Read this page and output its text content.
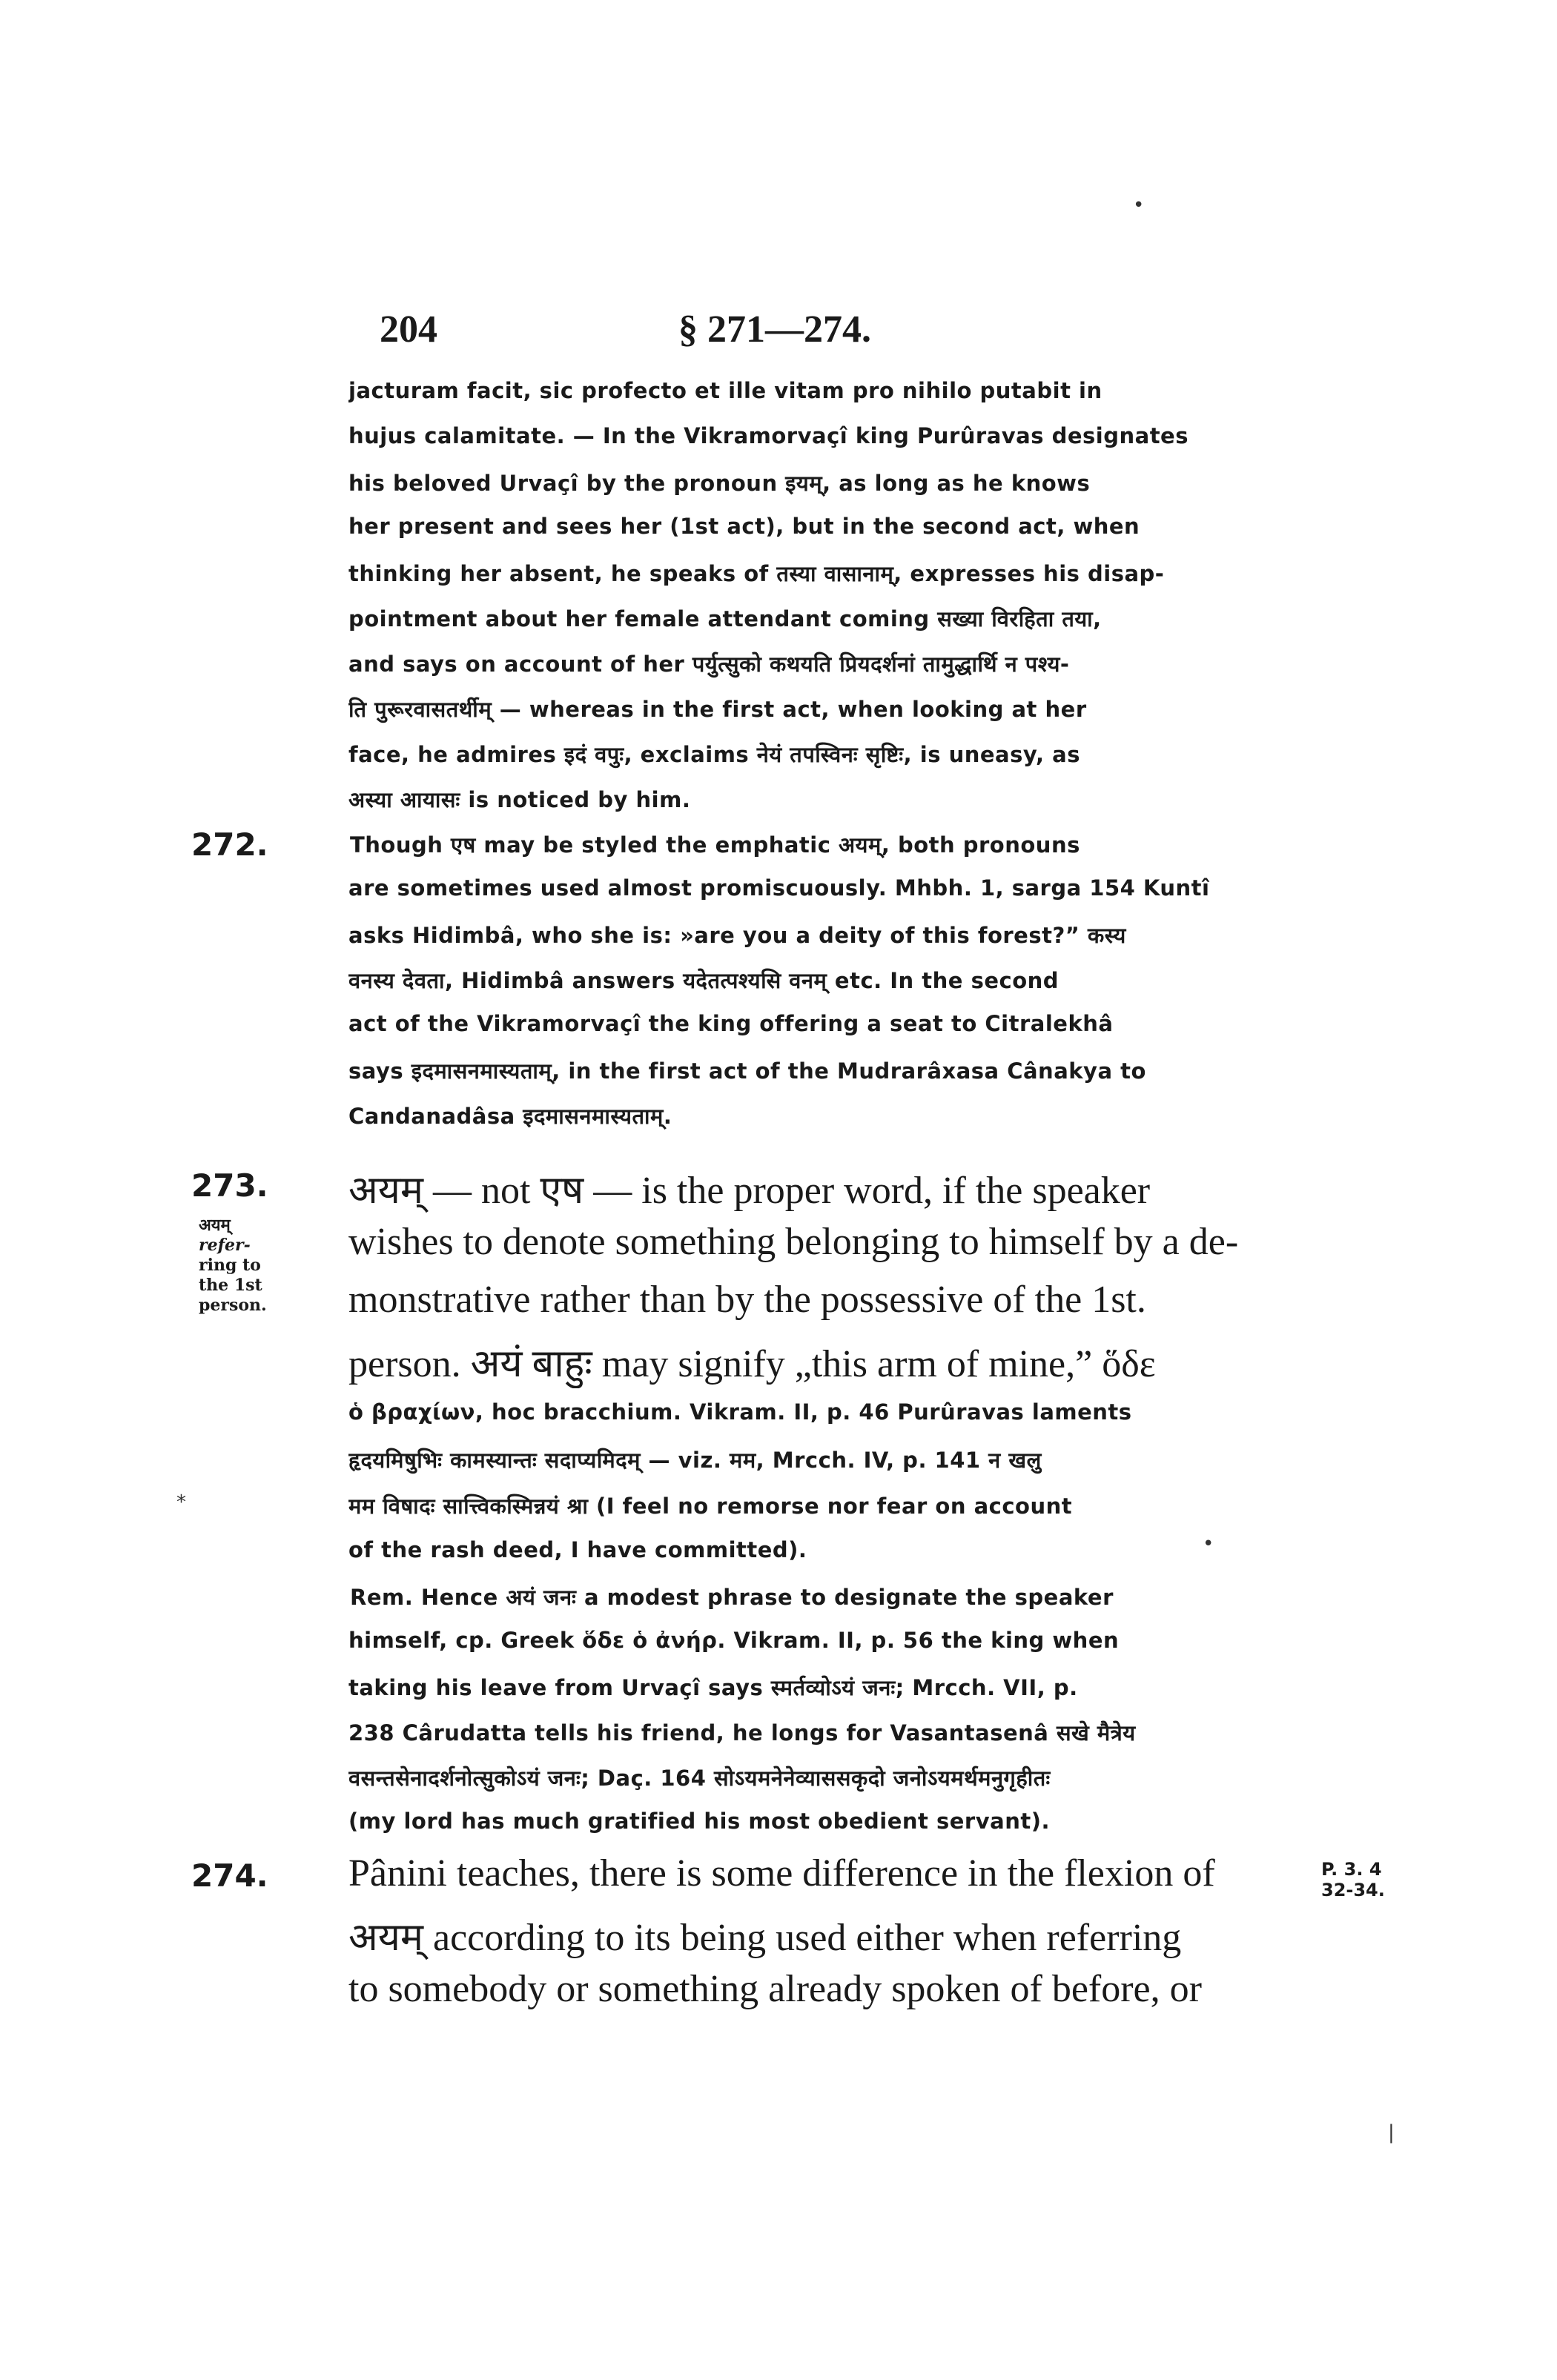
204	§ 271—274.
•
jacturam facit, sic profecto et ille vitam pro nihilo putabit in
hujus calamitate. — In the Vikramorvaçî king Purûravas designates
his beloved Urvaçî by the pronoun इयम्, as long as he knows
her present and sees her (1st act), but in the second act, when
thinking her absent, he speaks of तस्या वासानाम्, expresses his disap-
pointment about her female attendant coming सख्या विरहिता तया,
and says on account of her पर्युत्सुको कथयति प्रियदर्शनां तामुद्धार्थि न पश्य-
ति पुरूरवासतर्थीम् — whereas in the first act, when looking at her
face, he admires इदं वपुः, exclaims नेयं तपस्विनः सृष्टिः, is uneasy, as
अस्या आयासः is noticed by him.
272.	Though एष may be styled the emphatic अयम्, both pronouns
are sometimes used almost promiscuously. Mhbh. 1, sarga 154 Kuntî
asks Hidimbâ, who she is: »are you a deity of this forest?” कस्य
वनस्य देवता, Hidimbâ answers यदेतत्पश्यसि वनम् etc. In the second
act of the Vikramorvaçî the king offering a seat to Citralekhâ
says इदमासनमास्यताम्, in the first act of the Mudrarâxasa Cânakya to
Candanadâsa इदमासनमास्यताम्.
273.
अयम्
refer-
ring to
the 1st
person.
अयम् — not एष — is the proper word, if the speaker
wishes to denote something belonging to himself by a de-
monstrative rather than by the possessive of the 1st.
person. अयं बाहुः may signify „this arm of mine,” ὅδε
ὁ βραχίων, hoc bracchium. Vikram. II, p. 46 Purûravas laments
हृदयमिषुभिः कामस्यान्तः सदाप्यमिदम् — viz. मम, Mrcch. IV, p. 141 न खलु
मम विषादः सात्त्विकस्मिन्नयं श्रा (I feel no remorse nor fear on account
of the rash deed, I have committed).
*
•
Rem. Hence अयं जनः a modest phrase to designate the speaker
himself, cp. Greek ὅδε ὁ ἀνήρ. Vikram. II, p. 56 the king when
taking his leave from Urvaçî says स्मर्तव्योऽयं जनः; Mrcch. VII, p.
238 Cârudatta tells his friend, he longs for Vasantasenâ सखे मैत्रेय
वसन्तसेनादर्शनोत्सुकोऽयं जनः; Daç. 164 सोऽयमनेनेव्याससकृदो जनोऽयमर्थमनुगृहीतः
(my lord has much gratified his most obedient servant).
274.	P. 3. 4
32-34.
Pânini teaches, there is some difference in the flexion of
अयम् according to its being used either when referring
to somebody or something already spoken of before, or
|
